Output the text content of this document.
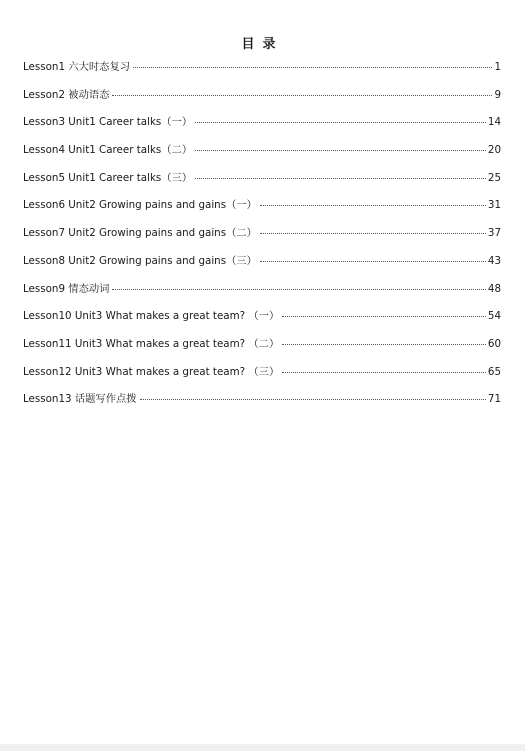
目录
Lesson1 六大时态复习	1
Lesson2 被动语态	9
Lesson3 Unit1 Career talks（一）	14
Lesson4 Unit1 Career talks（二）	20
Lesson5 Unit1 Career talks（三）	25
Lesson6 Unit2 Growing pains and gains（一）	31
Lesson7 Unit2 Growing pains and gains（二）	37
Lesson8 Unit2 Growing pains and gains（三）	43
Lesson9 情态动词	48
Lesson10 Unit3 What makes a great team? （一）	54
Lesson11 Unit3 What makes a great team? （二）	60
Lesson12 Unit3 What makes a great team? （三）	65
Lesson13 话题写作点拨	71
